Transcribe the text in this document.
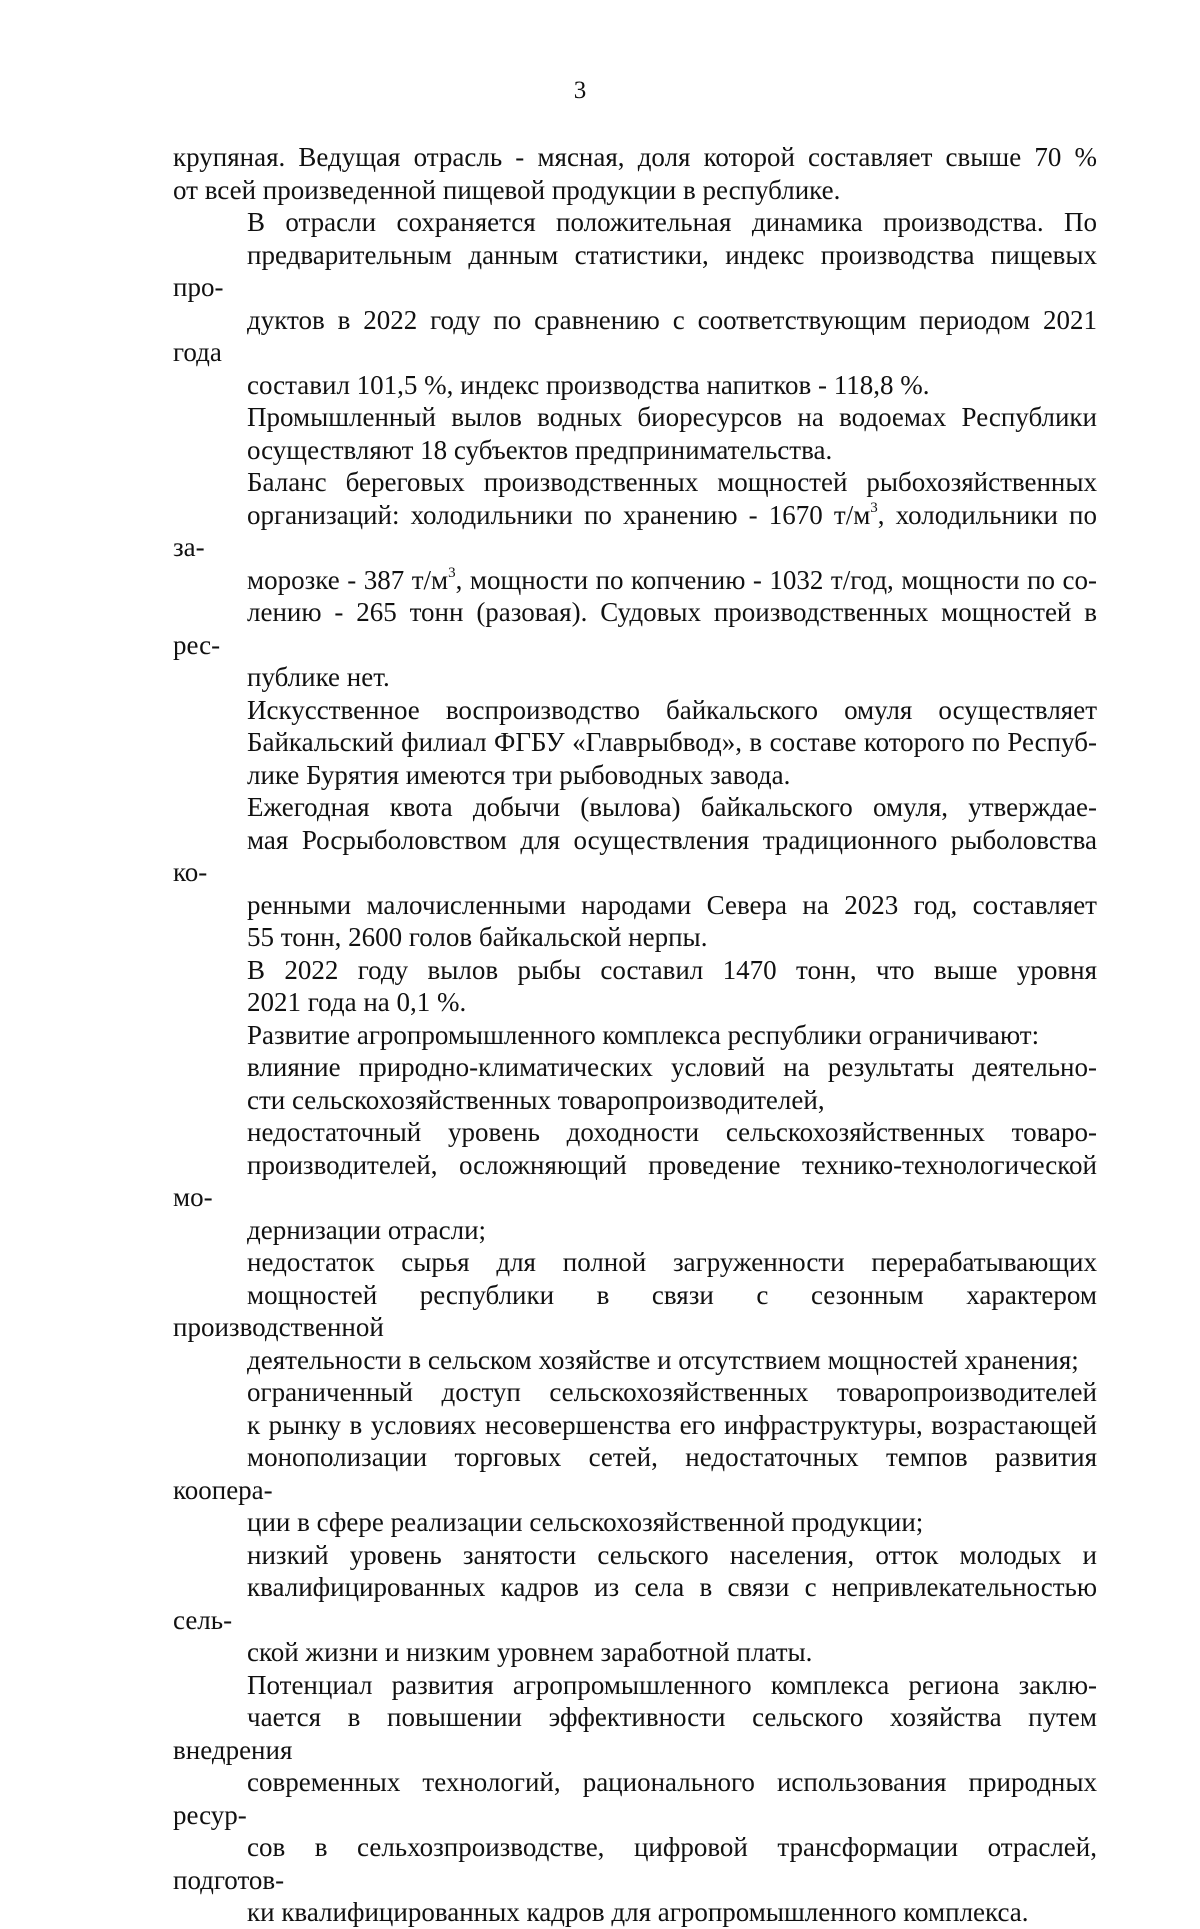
3

крупяная. Ведущая отрасль - мясная, доля которой составляет свыше 70 %
от всей произведенной пищевой продукции в республике.

В отрасли сохраняется положительная динамика производства. По
предварительным данным статистики, индекс производства пищевых про-
дуктов в 2022 году по сравнению с соответствующим периодом 2021 года
составил 101,5 %, индекс производства напитков - 118,8 %.

Промышленный вылов водных биоресурсов на водоемах Республики
осуществляют 18 субъектов предпринимательства.

Баланс береговых производственных мощностей рыбохозяйственных
организаций: холодильники по хранению - 1670 $т/м^3$, холодильники по за-
морозке - 387 $т/м^3$, мощности по копчению - 1032 т/год, мощности по со-
лению - 265 тонн (разовая). Судовых производственных мощностей в рес-
публике нет.

Искусственное воспроизводство байкальского омуля осуществляет
Байкальский филиал ФГБУ «Главрыбвод», в составе которого по Респуб-
лике Бурятия имеются три рыбоводных завода.

Ежегодная квота добычи (вылова) байкальского омуля, утверждае-
мая Росрыболовством для осуществления традиционного рыболовства ко-
ренными малочисленными народами Севера на 2023 год, составляет
55 тонн, 2600 голов байкальской нерпы.

В 2022 году вылов рыбы составил 1470 тонн, что выше уровня
2021 года на 0,1 %.

Развитие агропромышленного комплекса республики ограничивают:

влияние природно-климатических условий на результаты деятельно-
сти сельскохозяйственных товаропроизводителей,

недостаточный уровень доходности сельскохозяйственных товаро-
производителей, осложняющий проведение технико-технологической мо-
дернизации отрасли;

недостаток сырья для полной загруженности перерабатывающих
мощностей республики в связи с сезонным характером производственной
деятельности в сельском хозяйстве и отсутствием мощностей хранения;

ограниченный доступ сельскохозяйственных товаропроизводителей
к рынку в условиях несовершенства его инфраструктуры, возрастающей
монополизации торговых сетей, недостаточных темпов развития коопера-
ции в сфере реализации сельскохозяйственной продукции;

низкий уровень занятости сельского населения, отток молодых и
квалифицированных кадров из села в связи с непривлекательностью сель-
ской жизни и низким уровнем заработной платы.

Потенциал развития агропромышленного комплекса региона заклю-
чается в повышении эффективности сельского хозяйства путем внедрения
современных технологий, рационального использования природных ресур-
сов в сельхозпроизводстве, цифровой трансформации отраслей, подготов-
ки квалифицированных кадров для агропромышленного комплекса.
